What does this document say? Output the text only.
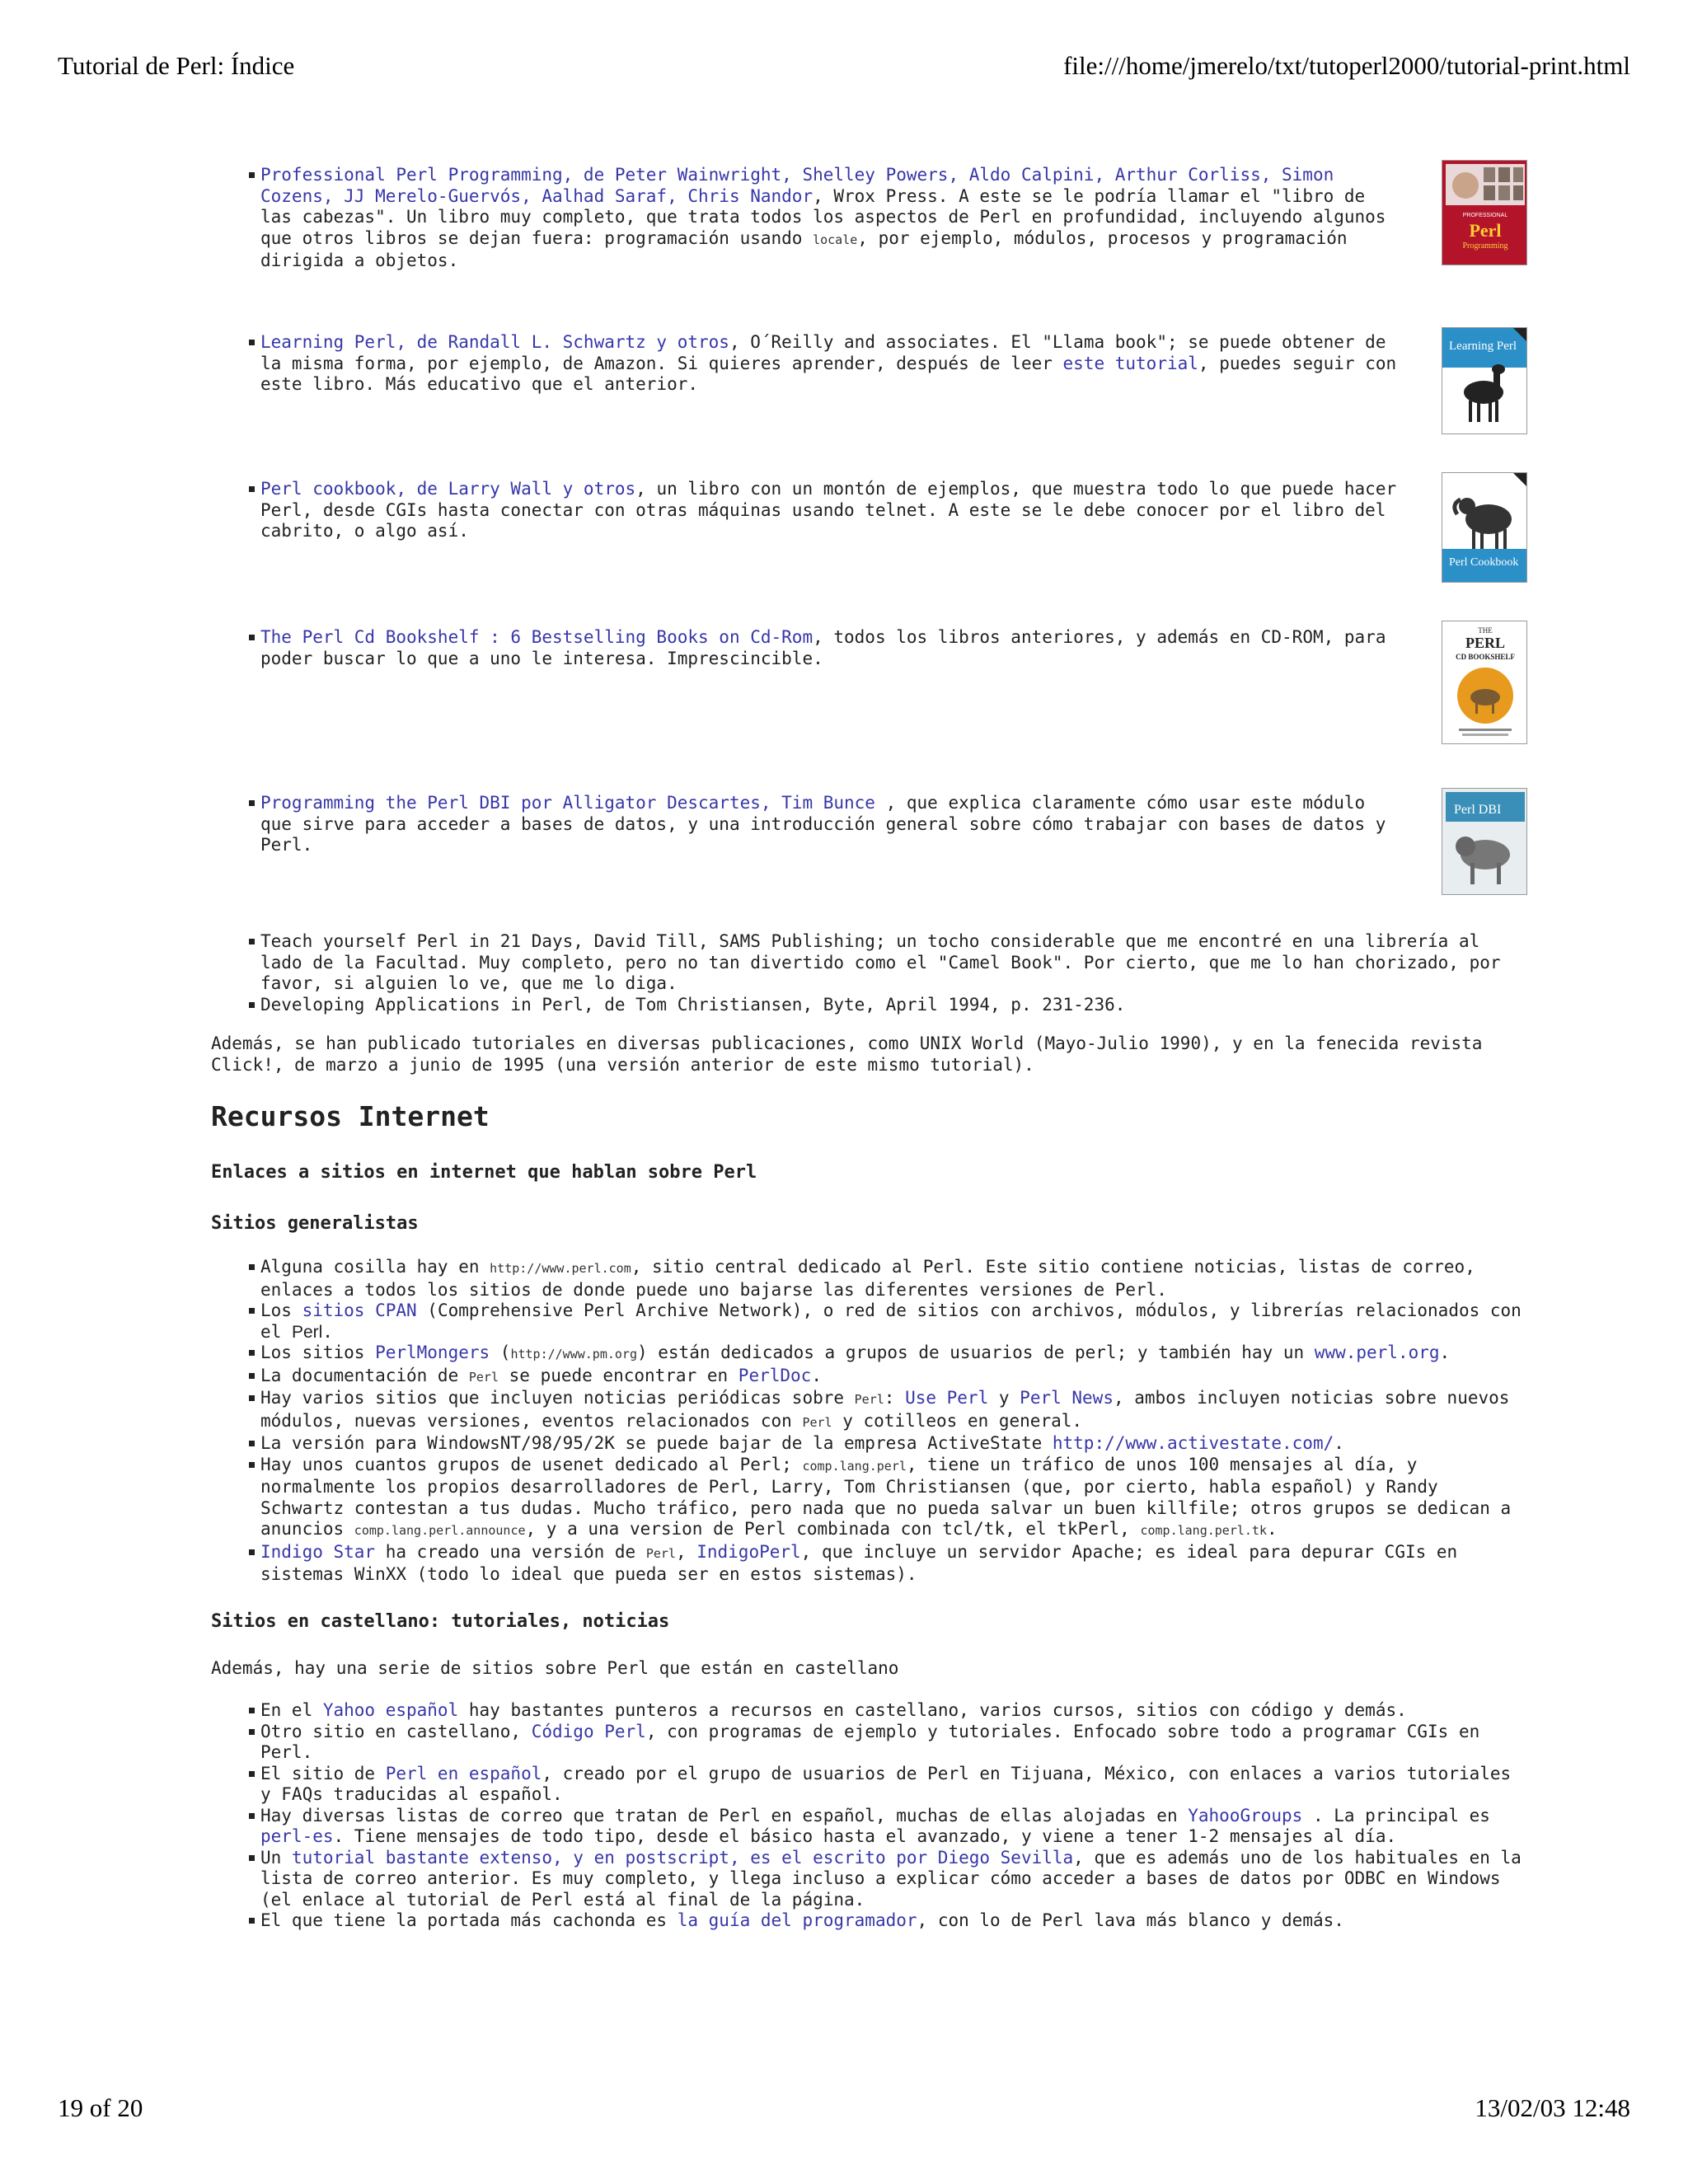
Tutorial de Perl: Índice	file:///home/jmerelo/txt/tutoperl2000/tutorial-print.html
Professional Perl Programming, de Peter Wainwright, Shelley Powers, Aldo Calpini, Arthur Corliss, Simon Cozens, JJ Merelo-Guervós, Aalhad Saraf, Chris Nandor, Wrox Press. A este se le podría llamar el "libro de las cabezas". Un libro muy completo, que trata todos los aspectos de Perl en profundidad, incluyendo algunos que otros libros se dejan fuera: programación usando locale, por ejemplo, módulos, procesos y programación dirigida a objetos.
PROFESSIONAL
Perl
Programming
Learning Perl, de Randall L. Schwartz y otros, O´Reilly and associates. El "Llama book"; se puede obtener de la misma forma, por ejemplo, de Amazon. Si quieres aprender, después de leer este tutorial, puedes seguir con este libro. Más educativo que el anterior.
Learning Perl
Perl cookbook, de Larry Wall y otros, un libro con un montón de ejemplos, que muestra todo lo que puede hacer Perl, desde CGIs hasta conectar con otras máquinas usando telnet. A este se le debe conocer por el libro del cabrito, o algo así.
Perl Cookbook
The Perl Cd Bookshelf : 6 Bestselling Books on Cd-Rom, todos los libros anteriores, y además en CD-ROM, para poder buscar lo que a uno le interesa. Imprescincible.
THE
PERL
CD BOOKSHELF
Programming the Perl DBI por Alligator Descartes, Tim Bunce , que explica claramente cómo usar este módulo que sirve para acceder a bases de datos, y una introducción general sobre cómo trabajar con bases de datos y Perl.
Perl DBI
Teach yourself Perl in 21 Days, David Till, SAMS Publishing; un tocho considerable que me encontré en una librería al lado de la Facultad. Muy completo, pero no tan divertido como el "Camel Book". Por cierto, que me lo han chorizado, por favor, si alguien lo ve, que me lo diga.
Developing Applications in Perl, de Tom Christiansen, Byte, April 1994, p. 231-236.

Además, se han publicado tutoriales en diversas publicaciones, como UNIX World (Mayo-Julio 1990), y en la fenecida revista Click!, de marzo a junio de 1995 (una versión anterior de este mismo tutorial).

Recursos Internet
Enlaces a sitios en internet que hablan sobre Perl
Sitios generalistas
Alguna cosilla hay en http://www.perl.com, sitio central dedicado al Perl. Este sitio contiene noticias, listas de correo, enlaces a todos los sitios de donde puede uno bajarse las diferentes versiones de Perl.
Los sitios CPAN (Comprehensive Perl Archive Network), o red de sitios con archivos, módulos, y librerías relacionados con el Perl.
Los sitios PerlMongers (http://www.pm.org) están dedicados a grupos de usuarios de perl; y también hay un www.perl.org.
La documentación de Perl se puede encontrar en PerlDoc.
Hay varios sitios que incluyen noticias periódicas sobre Perl: Use Perl y Perl News, ambos incluyen noticias sobre nuevos módulos, nuevas versiones, eventos relacionados con Perl y cotilleos en general.
La versión para WindowsNT/98/95/2K se puede bajar de la empresa ActiveState http://www.activestate.com/.
Hay unos cuantos grupos de usenet dedicado al Perl; comp.lang.perl, tiene un tráfico de unos 100 mensajes al día, y normalmente los propios desarrolladores de Perl, Larry, Tom Christiansen (que, por cierto, habla español) y Randy Schwartz contestan a tus dudas. Mucho tráfico, pero nada que no pueda salvar un buen killfile; otros grupos se dedican a anuncios comp.lang.perl.announce, y a una version de Perl combinada con tcl/tk, el tkPerl, comp.lang.perl.tk.
Indigo Star ha creado una versión de Perl, IndigoPerl, que incluye un servidor Apache; es ideal para depurar CGIs en sistemas WinXX (todo lo ideal que pueda ser en estos sistemas).
Sitios en castellano: tutoriales, noticias

Además, hay una serie de sitios sobre Perl que están en castellano

En el Yahoo español hay bastantes punteros a recursos en castellano, varios cursos, sitios con código y demás.
Otro sitio en castellano, Código Perl, con programas de ejemplo y tutoriales. Enfocado sobre todo a programar CGIs en Perl.
El sitio de Perl en español, creado por el grupo de usuarios de Perl en Tijuana, México, con enlaces a varios tutoriales y FAQs traducidas al español.
Hay diversas listas de correo que tratan de Perl en español, muchas de ellas alojadas en YahooGroups . La principal es perl-es. Tiene mensajes de todo tipo, desde el básico hasta el avanzado, y viene a tener 1-2 mensajes al día.
Un tutorial bastante extenso, y en postscript, es el escrito por Diego Sevilla, que es además uno de los habituales en la lista de correo anterior. Es muy completo, y llega incluso a explicar cómo acceder a bases de datos por ODBC en Windows (el enlace al tutorial de Perl está al final de la página.
El que tiene la portada más cachonda es la guía del programador, con lo de Perl lava más blanco y demás.
19 of 20	13/02/03 12:48
